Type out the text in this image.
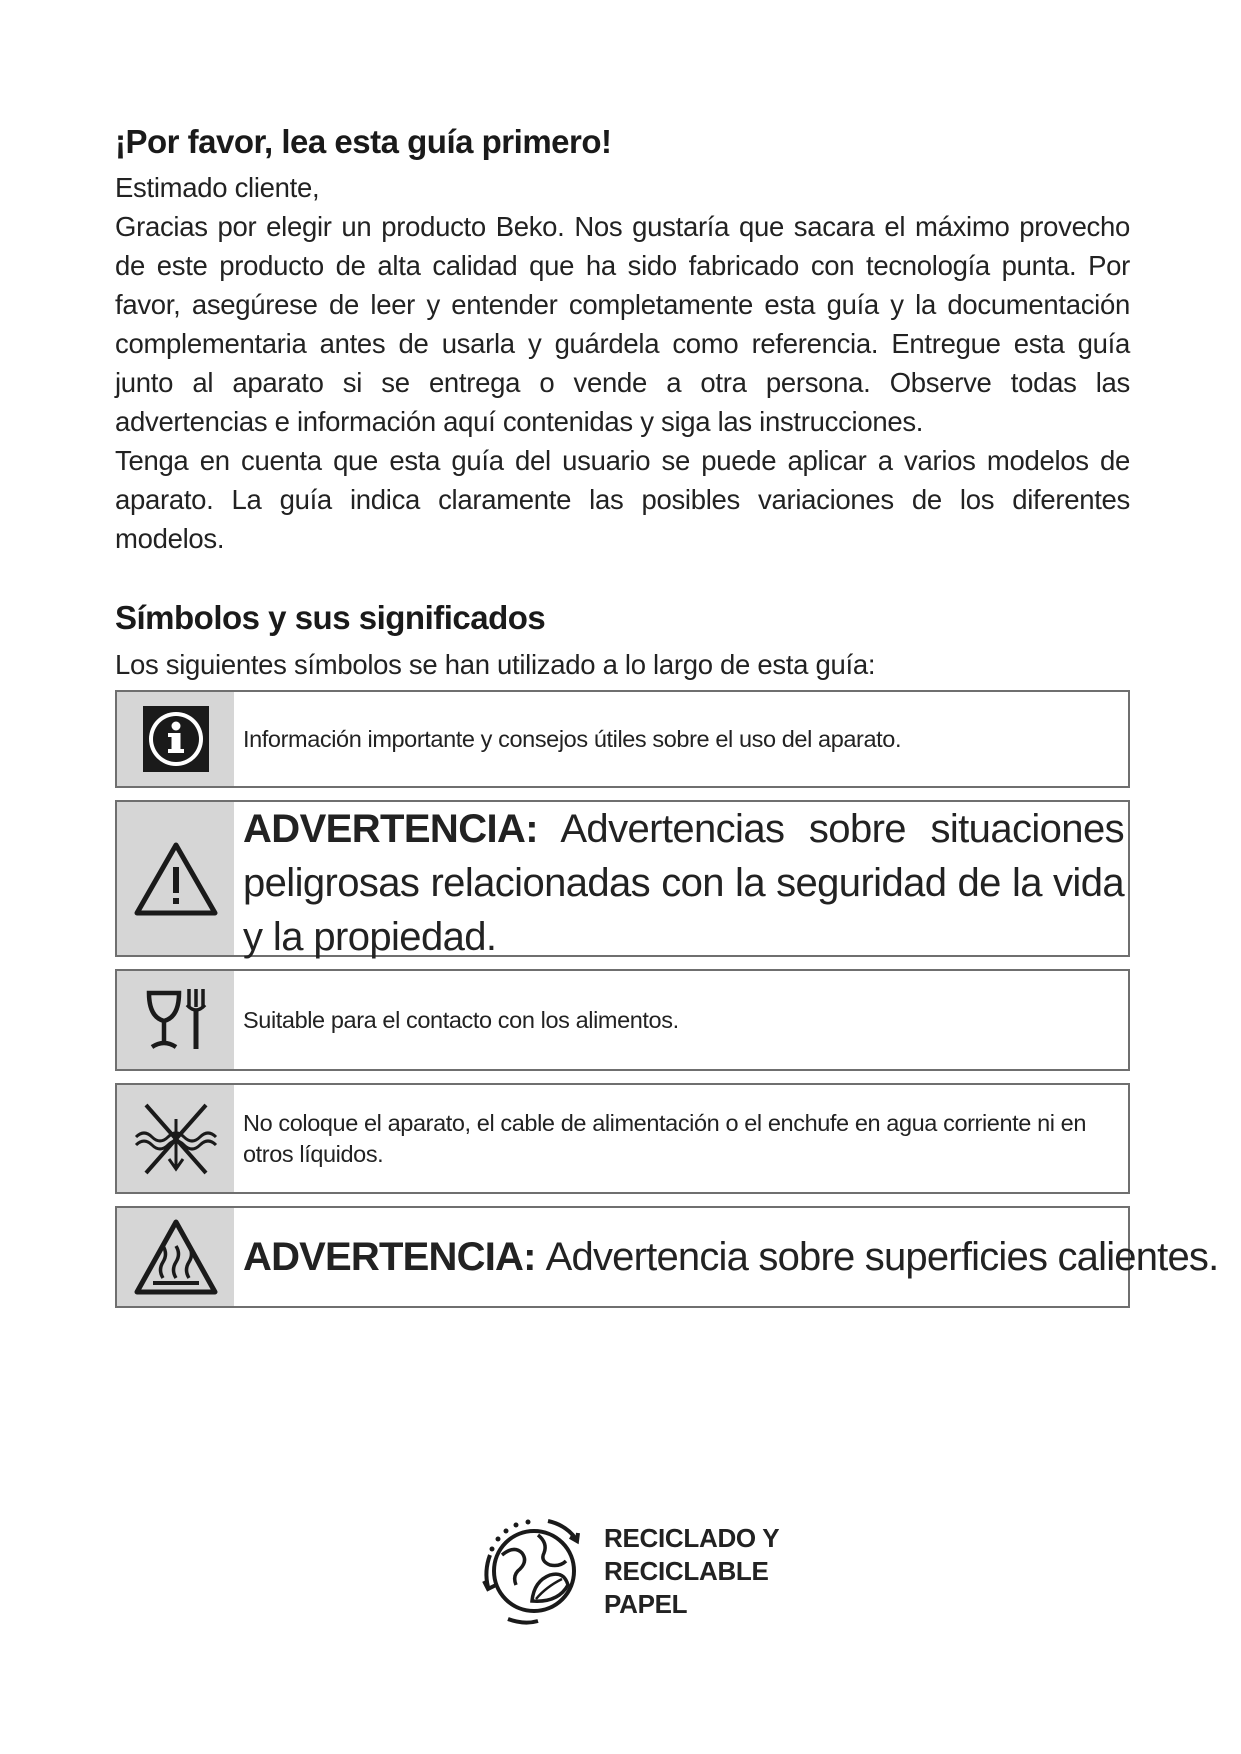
¡Por favor, lea esta guía primero!

Estimado cliente,

Gracias por elegir un producto Beko. Nos gustaría que sacara el máximo provecho de este producto de alta calidad que ha sido fabricado con tecnología punta. Por favor, asegúrese de leer y entender completamente esta guía y la documentación complementaria antes de usarla y guárdela como referencia. Entregue esta guía junto al aparato si se entrega o vende a otra persona. Observe todas las advertencias e información aquí contenidas y siga las instrucciones.

Tenga en cuenta que esta guía del usuario se puede aplicar a varios modelos de aparato. La guía indica claramente las posibles variaciones de los diferentes modelos.

Símbolos y sus significados
Los siguientes símbolos se han utilizado a lo largo de esta guía:
Información importante y consejos útiles sobre el uso del aparato.
ADVERTENCIA: Advertencias sobre situaciones peligrosas relacionadas con la seguridad de la vida y la propiedad.
Suitable para el contacto con los alimentos.
No coloque el aparato, el cable de alimentación o el enchufe en agua corriente ni en otros líquidos.
ADVERTENCIA: Advertencia sobre superficies calientes.
RECICLADO Y
RECICLABLE
PAPEL
